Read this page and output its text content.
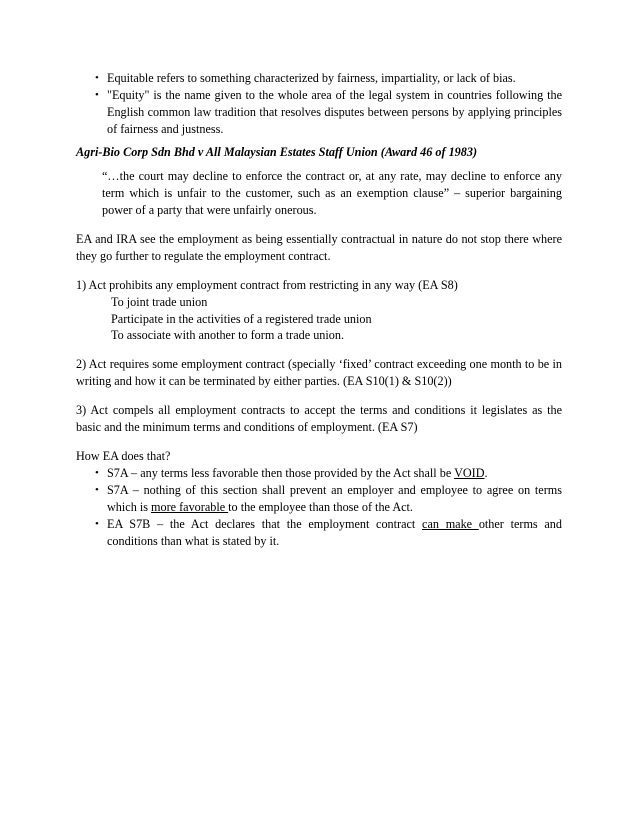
• Equitable refers to something characterized by fairness, impartiality, or lack of bias.
• "Equity" is the name given to the whole area of the legal system in countries following the English common law tradition that resolves disputes between persons by applying principles of fairness and justness.

Agri-Bio Corp Sdn Bhd v All Malaysian Estates Staff Union (Award 46 of 1983)

“…the court may decline to enforce the contract or, at any rate, may decline to enforce any term which is unfair to the customer, such as an exemption clause” – superior bargaining power of a party that were unfairly onerous.

EA and IRA see the employment as being essentially contractual in nature do not stop there where they go further to regulate the employment contract.

1) Act prohibits any employment contract from restricting in any way (EA S8)

To joint trade union

Participate in the activities of a registered trade union

To associate with another to form a trade union.

2) Act requires some employment contract (specially ‘fixed’ contract exceeding one month to be in writing and how it can be terminated by either parties. (EA S10(1) & S10(2))

3) Act compels all employment contracts to accept the terms and conditions it legislates as the basic and the minimum terms and conditions of employment. (EA S7)

How EA does that?

• S7A – any terms less favorable then those provided by the Act shall be VOID.
• S7A – nothing of this section shall prevent an employer and employee to agree on terms which is more favorable to the employee than those of the Act.
• EA S7B – the Act declares that the employment contract can make other terms and conditions than what is stated by it.
